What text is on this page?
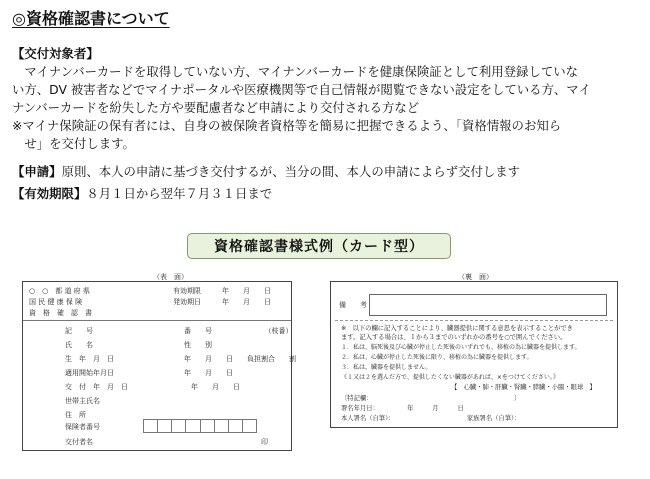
◎資格確認書について
【交付対象者】
　マイナンバーカードを取得していない方、マイナンバーカードを健康保険証として利用登録していな
い方、DV 被害者などでマイナポータルや医療機関等で自己情報が閲覧できない設定をしている方、マイ
ナンバーカードを紛失した方や要配慮者など申請により交付される方など
※マイナ保険証の保有者には、自身の被保険者資格等を簡易に把握できるよう、「資格情報のお知ら
　せ」を交付します。
【申請】原則、本人の申請に基づき交付するが、当分の間、本人の申請によらず交付します
【有効期限】８月１日から翌年７月３１日まで
資格確認書様式例（カード型）
（表　面）
○　○　都 道 府 県
国 民 健 康 保 険
資　格　確　認　書
有効期限　　　年　　月　　日
発効期日　　　年　　月　　日
記　　号　　　　　　　　　　　　　番　　号　　　　　　　　（枝番）
氏　　名　　　　　　　　　　　　　性　　別
生　年　月　日　　　　　　　　　　年　　月　　日　　負担割合　　割
適用開始年月日　　　　　　　　　　年　　月　　日
交　付　年　月　日　　　　　　　　　年　　月　　日
世帯主氏名
住　所
保険者番号
交付者名　　　　　　　　　　　　　　　　　　　　　　　　印
（裏　面）
備　　考
※　以下の欄に記入することにより、臓器提供に関する意思を表示することができ
ます。記入する場合は、１から３までのいずれかの番号を○で囲んでください。
１．私は、脳死後及び心臓が停止した死後のいずれでも、移植の為に臓器を提供します。
２．私は、心臓が停止した死後に限り、移植の為に臓器を提供します。
３．私は、臓器を提供しません。
《１又は２を選んだ方で、提供したくない臓器があれば、×をつけてください。》
【　心臓・肺・肝臓・腎臓・膵臓・小腸・眼球　】
〔特記欄：　　　　　　　　　　　　　　　　　　　　　　　〕
署名年月日：　　　　　年　　　月　　　日
本人署名（自筆）：　　　　　　　　　　　　家族署名（自筆）：
